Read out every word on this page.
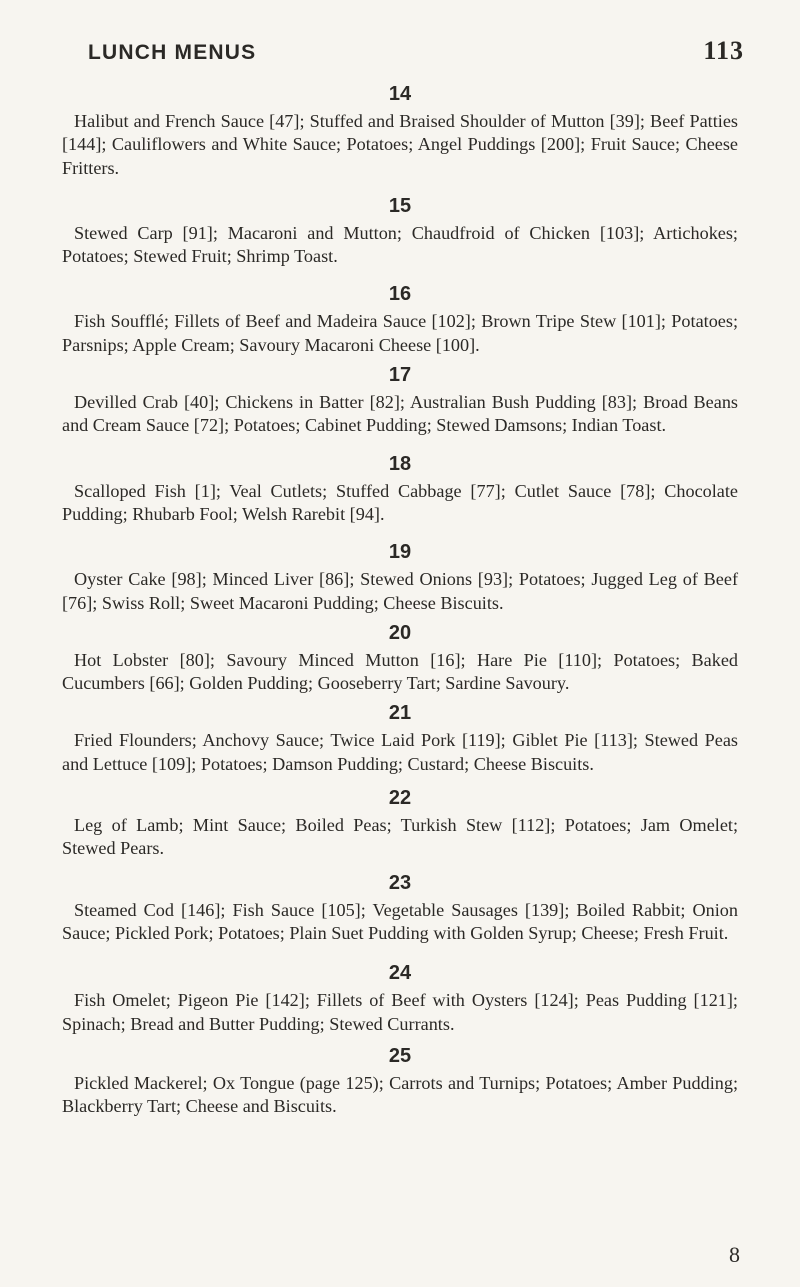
LUNCH MENUS	113
14

Halibut and French Sauce [47]; Stuffed and Braised Shoulder of Mutton [39]; Beef Patties [144]; Cauliflowers and White Sauce; Potatoes; Angel Puddings [200]; Fruit Sauce; Cheese Fritters.

15

Stewed Carp [91]; Macaroni and Mutton; Chaudfroid of Chicken [103]; Artichokes; Potatoes; Stewed Fruit; Shrimp Toast.

16

Fish Soufflé; Fillets of Beef and Madeira Sauce [102]; Brown Tripe Stew [101]; Potatoes; Parsnips; Apple Cream; Savoury Macaroni Cheese [100].

17

Devilled Crab [40]; Chickens in Batter [82]; Australian Bush Pudding [83]; Broad Beans and Cream Sauce [72]; Potatoes; Cabinet Pudding; Stewed Damsons; Indian Toast.

18

Scalloped Fish [1]; Veal Cutlets; Stuffed Cabbage [77]; Cutlet Sauce [78]; Chocolate Pudding; Rhubarb Fool; Welsh Rarebit [94].

19

Oyster Cake [98]; Minced Liver [86]; Stewed Onions [93]; Potatoes; Jugged Leg of Beef [76]; Swiss Roll; Sweet Macaroni Pudding; Cheese Biscuits.

20

Hot Lobster [80]; Savoury Minced Mutton [16]; Hare Pie [110]; Potatoes; Baked Cucumbers [66]; Golden Pudding; Gooseberry Tart; Sardine Savoury.

21

Fried Flounders; Anchovy Sauce; Twice Laid Pork [119]; Giblet Pie [113]; Stewed Peas and Lettuce [109]; Potatoes; Damson Pudding; Custard; Cheese Biscuits.

22

Leg of Lamb; Mint Sauce; Boiled Peas; Turkish Stew [112]; Potatoes; Jam Omelet; Stewed Pears.

23

Steamed Cod [146]; Fish Sauce [105]; Vegetable Sausages [139]; Boiled Rabbit; Onion Sauce; Pickled Pork; Potatoes; Plain Suet Pudding with Golden Syrup; Cheese; Fresh Fruit.

24

Fish Omelet; Pigeon Pie [142]; Fillets of Beef with Oysters [124]; Peas Pudding [121]; Spinach; Bread and Butter Pudding; Stewed Currants.

25

Pickled Mackerel; Ox Tongue (page 125); Carrots and Turnips; Potatoes; Amber Pudding; Blackberry Tart; Cheese and Biscuits.

8
